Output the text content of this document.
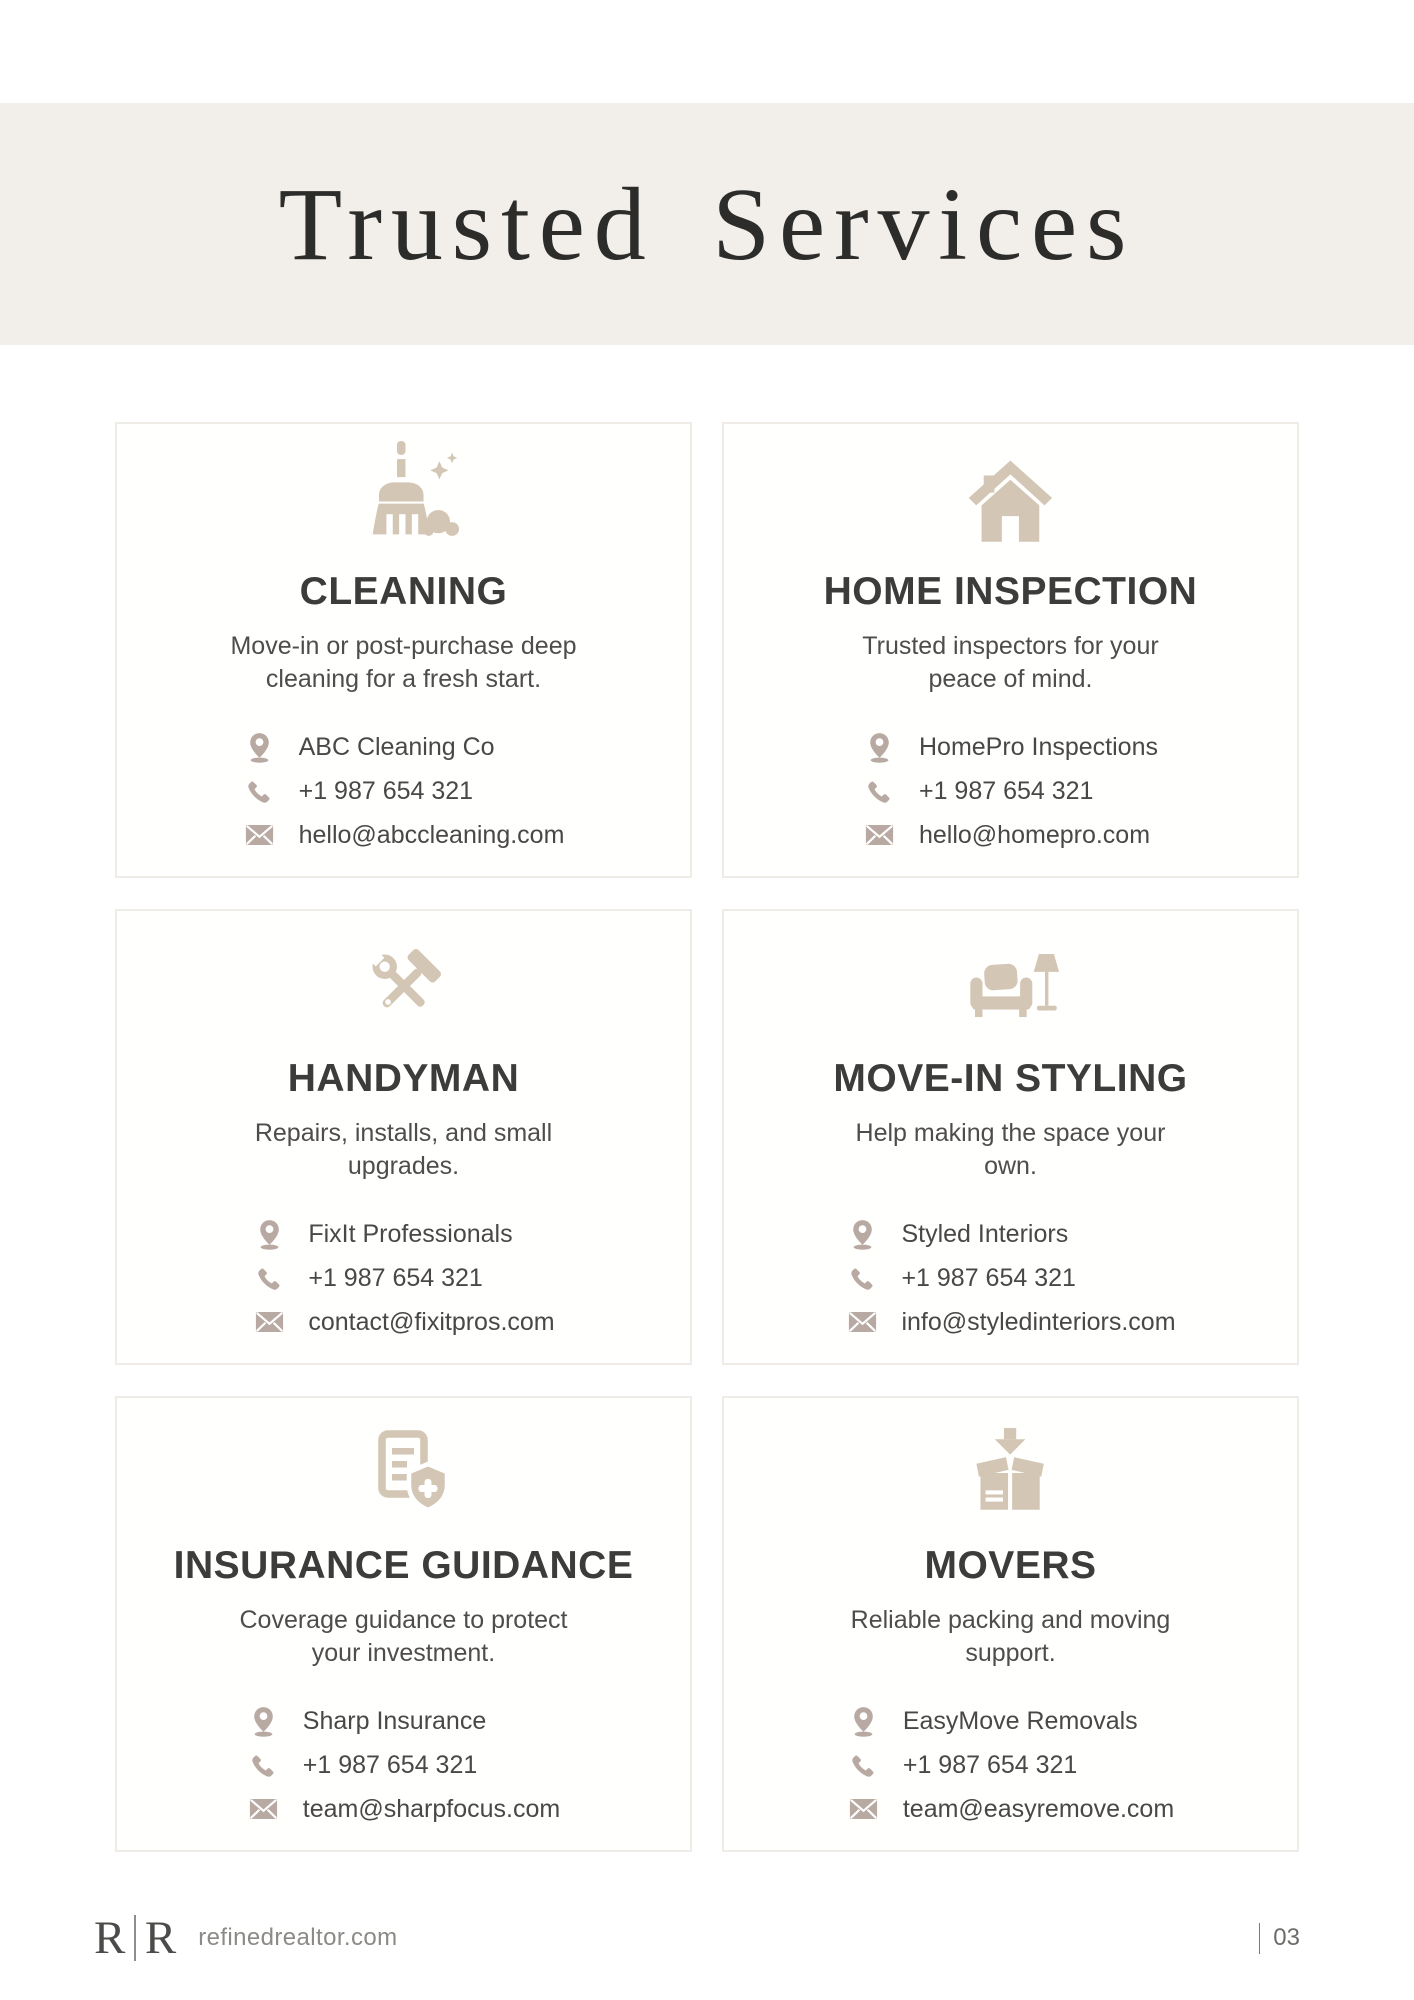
Trusted Services
CLEANING

Move-in or post-purchase deep
cleaning for a fresh start.

ABC Cleaning Co
+1 987 654 321
hello@abccleaning.com
HOME INSPECTION

Trusted inspectors for your
peace of mind.

HomePro Inspections
+1 987 654 321
hello@homepro.com
HANDYMAN

Repairs, installs, and small
upgrades.

FixIt Professionals
+1 987 654 321
contact@fixitpros.com
MOVE-IN STYLING

Help making the space your
own.

Styled Interiors
+1 987 654 321
info@styledinteriors.com
INSURANCE GUIDANCE

Coverage guidance to protect
your investment.

Sharp Insurance
+1 987 654 321
team@sharpfocus.com
MOVERS

Reliable packing and moving
support.

EasyMove Removals
+1 987 654 321
team@easyremove.com
R R refinedrealtor.com	03
